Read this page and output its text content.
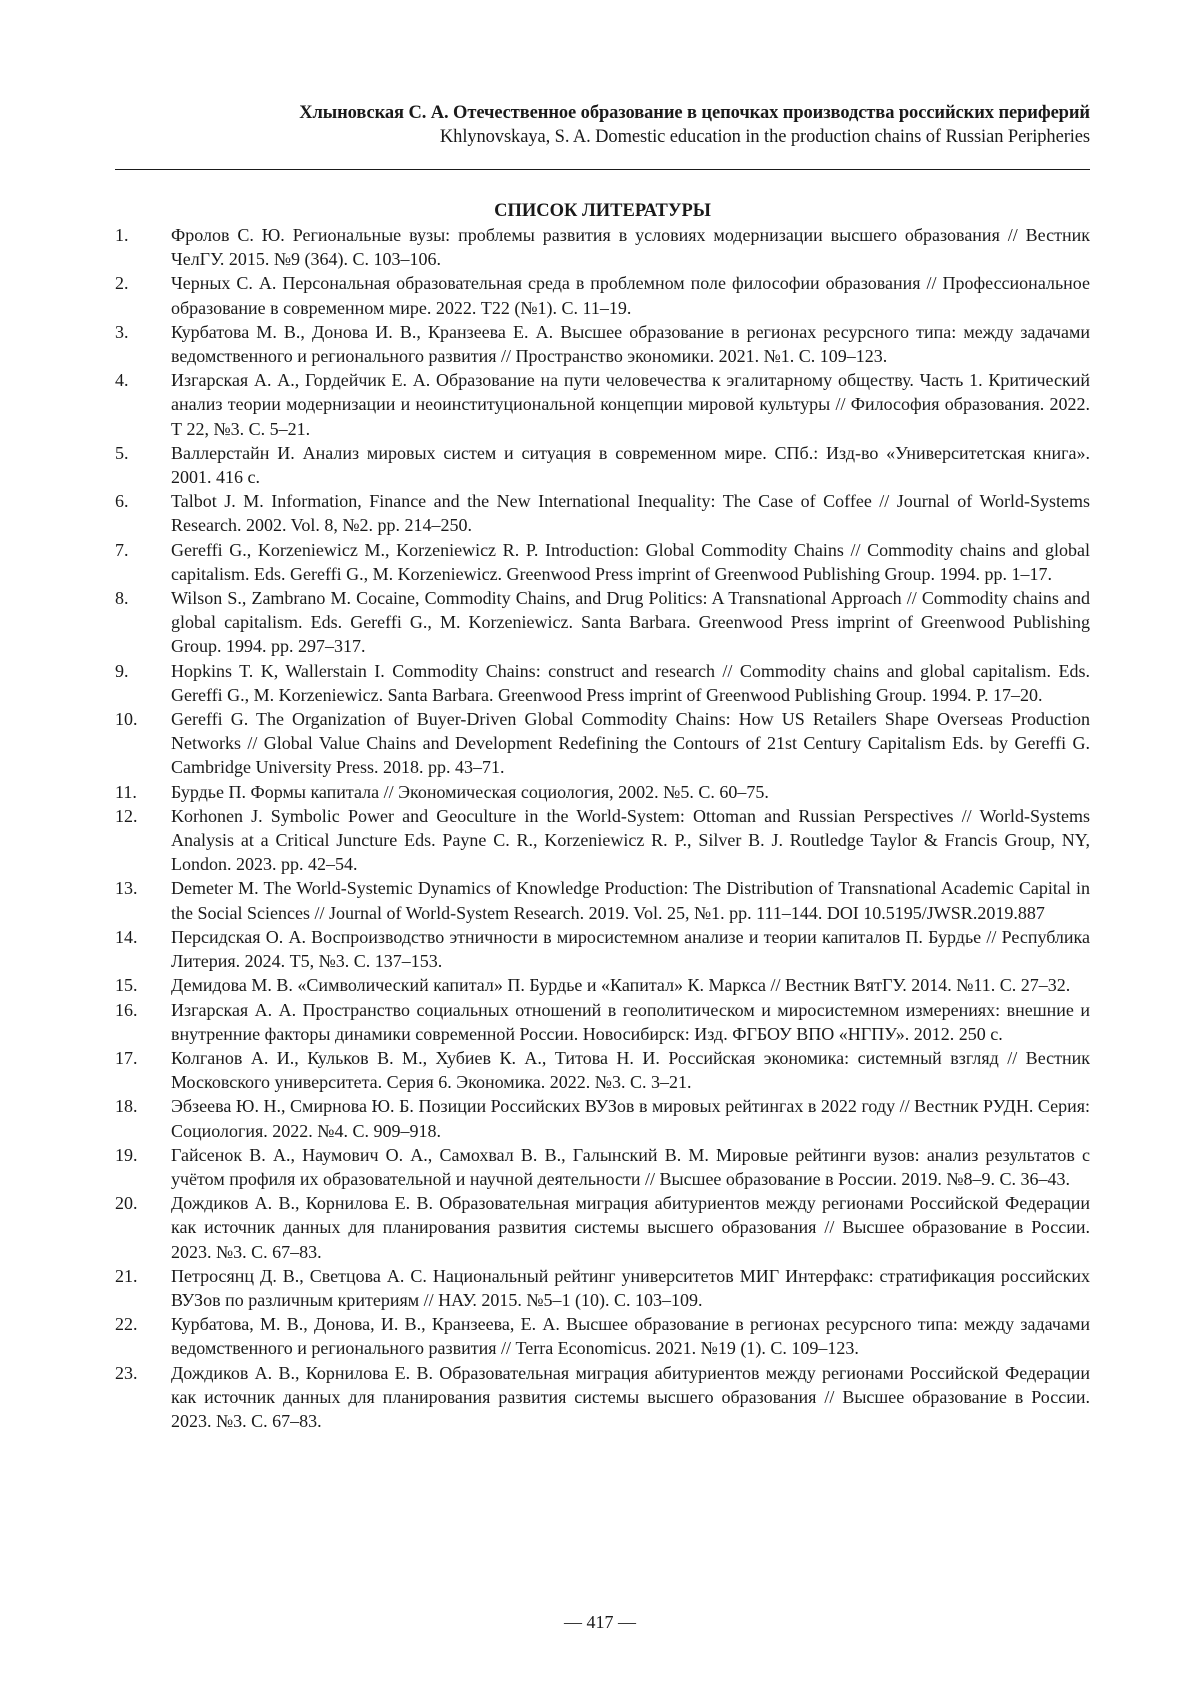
Хлыновская С. А. Отечественное образование в цепочках производства российских периферий
Khlynovskaya, S. A. Domestic education in the production chains of Russian Peripheries
СПИСОК ЛИТЕРАТУРЫ
1.	Фролов С. Ю. Региональные вузы: проблемы развития в условиях модернизации высшего образования // Вестник ЧелГУ. 2015. №9 (364). С. 103–106.
2.	Черных С. А. Персональная образовательная среда в проблемном поле философии образования // Профессиональное образование в современном мире. 2022. Т22 (№1). С. 11–19.
3.	Курбатова М. В., Донова И. В., Кранзеева Е. А. Высшее образование в регионах ресурсного типа: между задачами ведомственного и регионального развития // Пространство экономики. 2021. №1. С. 109–123.
4.	Изгарская А. А., Гордейчик Е. А. Образование на пути человечества к эгалитарному обществу. Часть 1. Критический анализ теории модернизации и неоинституциональной концепции мировой культуры // Философия образования. 2022. Т 22, №3. С. 5–21.
5.	Валлерстайн И. Анализ мировых систем и ситуация в современном мире. СПб.: Изд-во «Университетская книга». 2001. 416 с.
6.	Talbot J. M. Information, Finance and the New International Inequality: The Case of Coffee // Journal of World-Systems Research. 2002. Vol. 8, №2. pp. 214–250.
7.	Gereffi G., Korzeniewicz M., Korzeniewicz R. P. Introduction: Global Commodity Chains // Commodity chains and global capitalism. Eds. Gereffi G., M. Korzeniewicz. Greenwood Press imprint of Greenwood Publishing Group. 1994. pp. 1–17.
8.	Wilson S., Zambrano M. Cocaine, Commodity Chains, and Drug Politics: A Transnational Approach // Commodity chains and global capitalism. Eds. Gereffi G., M. Korzeniewicz. Santa Barbara. Greenwood Press imprint of Greenwood Publishing Group. 1994. pp. 297–317.
9.	Hopkins T. K, Wallerstain I. Commodity Chains: construct and research // Commodity chains and global capitalism. Eds. Gereffi G., M. Korzeniewicz. Santa Barbara. Greenwood Press imprint of Greenwood Publishing Group. 1994. P. 17–20.
10.	Gereffi G. The Organization of Buyer-Driven Global Commodity Chains: How US Retailers Shape Overseas Production Networks // Global Value Chains and Development Redefining the Contours of 21st Century Capitalism Eds. by Gereffi G. Cambridge University Press. 2018. pp. 43–71.
11.	Бурдье П. Формы капитала // Экономическая социология, 2002. №5. С. 60–75.
12.	Korhonen J. Symbolic Power and Geoculture in the World-System: Ottoman and Russian Perspectives // World-Systems Analysis at a Critical Juncture Eds. Payne C. R., Korzeniewicz R. P., Silver B. J. Routledge Taylor & Francis Group, NY, London. 2023. pp. 42–54.
13.	Demeter M. The World-Systemic Dynamics of Knowledge Production: The Distribution of Transnational Academic Capital in the Social Sciences // Journal of World-System Research. 2019. Vol. 25, №1. pp. 111–144. DOI 10.5195/JWSR.2019.887
14.	Персидская О. А. Воспроизводство этничности в миросистемном анализе и теории капиталов П. Бурдье // Республика Литерия. 2024. Т5, №3. С. 137–153.
15.	Демидова М. В. «Символический капитал» П. Бурдье и «Капитал» К. Маркса // Вестник ВятГУ. 2014. №11. С. 27–32.
16.	Изгарская А. А. Пространство социальных отношений в геополитическом и миросистемном измерениях: внешние и внутренние факторы динамики современной России. Новосибирск: Изд. ФГБОУ ВПО «НГПУ». 2012. 250 с.
17.	Колганов А. И., Кульков В. М., Хубиев К. А., Титова Н. И. Российская экономика: системный взгляд // Вестник Московского университета. Серия 6. Экономика. 2022. №3. С. 3–21.
18.	Эбзеева Ю. Н., Смирнова Ю. Б. Позиции Российских ВУЗов в мировых рейтингах в 2022 году // Вестник РУДН. Серия: Социология. 2022. №4. С. 909–918.
19.	Гайсенок В. А., Наумович О. А., Самохвал В. В., Галынский В. М. Мировые рейтинги вузов: анализ результатов с учётом профиля их образовательной и научной деятельности // Высшее образование в России. 2019. №8–9. С. 36–43.
20.	Дождиков А. В., Корнилова Е. В. Образовательная миграция абитуриентов между регионами Российской Федерации как источник данных для планирования развития системы высшего образования // Высшее образование в России. 2023. №3. С. 67–83.
21.	Петросянц Д. В., Светцова А. С. Национальный рейтинг университетов МИГ Интерфакс: стратификация российских ВУЗов по различным критериям // НАУ. 2015. №5–1 (10). С. 103–109.
22.	Курбатова, М. В., Донова, И. В., Кранзеева, Е. А. Высшее образование в регионах ресурсного типа: между задачами ведомственного и регионального развития // Terra Economicus. 2021. №19 (1). С. 109–123.
23.	Дождиков А. В., Корнилова Е. В. Образовательная миграция абитуриентов между регионами Российской Федерации как источник данных для планирования развития системы высшего образования // Высшее образование в России. 2023. №3. С. 67–83.
— 417 —
